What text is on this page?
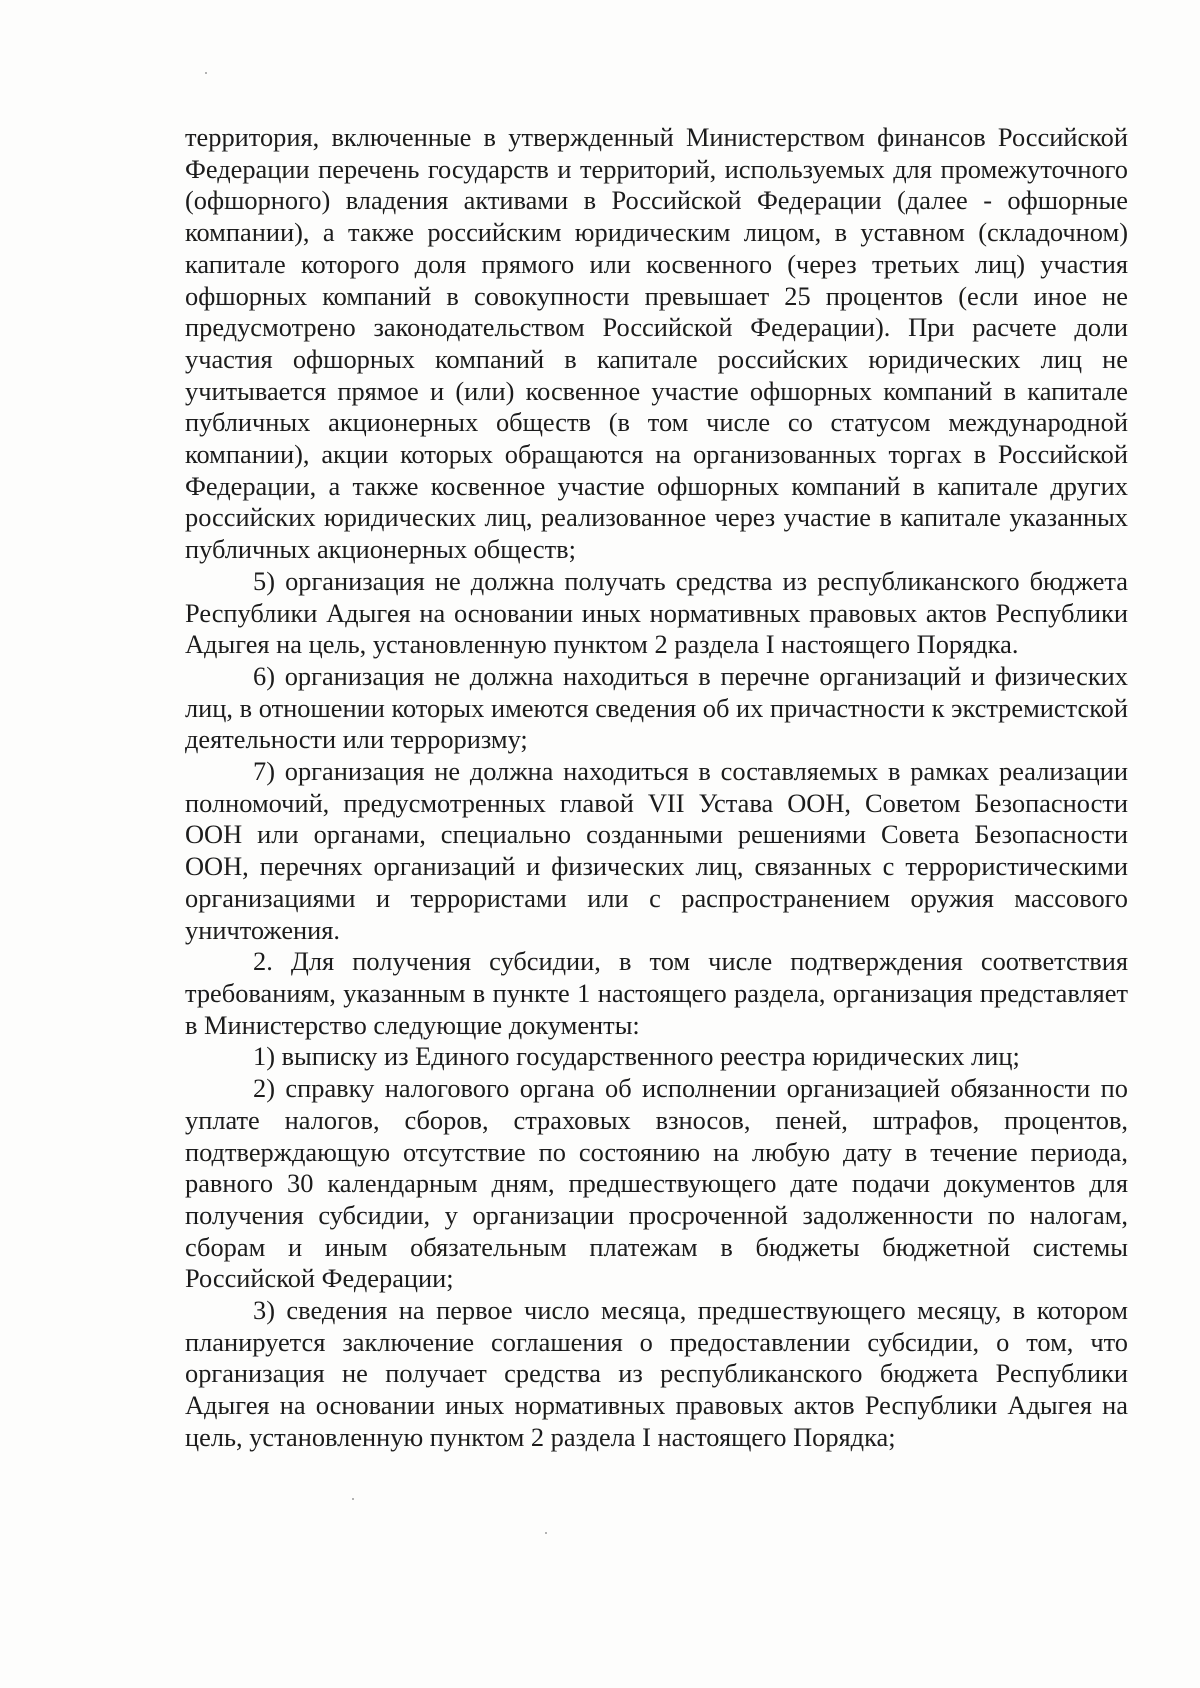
территория, включенные в утвержденный Министерством финансов Российской Федерации перечень государств и территорий, используемых для промежуточного (офшорного) владения активами в Российской Федерации (далее - офшорные компании), а также российским юридическим лицом, в уставном (складочном) капитале которого доля прямого или косвенного (через третьих лиц) участия офшорных компаний в совокупности превышает 25 процентов (если иное не предусмотрено законодательством Российской Федерации). При расчете доли участия офшорных компаний в капитале российских юридических лиц не учитывается прямое и (или) косвенное участие офшорных компаний в капитале публичных акционерных обществ (в том числе со статусом международной компании), акции которых обращаются на организованных торгах в Российской Федерации, а также косвенное участие офшорных компаний в капитале других российских юридических лиц, реализованное через участие в капитале указанных публичных акционерных обществ;

5) организация не должна получать средства из республиканского бюджета Республики Адыгея на основании иных нормативных правовых актов Республики Адыгея на цель, установленную пунктом 2 раздела I настоящего Порядка.

6) организация не должна находиться в перечне организаций и физических лиц, в отношении которых имеются сведения об их причастности к экстремистской деятельности или терроризму;

7) организация не должна находиться в составляемых в рамках реализации полномочий, предусмотренных главой VII Устава ООН, Советом Безопасности ООН или органами, специально созданными решениями Совета Безопасности ООН, перечнях организаций и физических лиц, связанных с террористическими организациями и террористами или с распространением оружия массового уничтожения.

2. Для получения субсидии, в том числе подтверждения соответствия требованиям, указанным в пункте 1 настоящего раздела, организация представляет в Министерство следующие документы:

1) выписку из Единого государственного реестра юридических лиц;

2) справку налогового органа об исполнении организацией обязанности по уплате налогов, сборов, страховых взносов, пеней, штрафов, процентов, подтверждающую отсутствие по состоянию на любую дату в течение периода, равного 30 календарным дням, предшествующего дате подачи документов для получения субсидии, у организации просроченной задолженности по налогам, сборам и иным обязательным платежам в бюджеты бюджетной системы Российской Федерации;

3) сведения на первое число месяца, предшествующего месяцу, в котором планируется заключение соглашения о предоставлении субсидии, о том, что организация не получает средства из республиканского бюджета Республики Адыгея на основании иных нормативных правовых актов Республики Адыгея на цель, установленную пунктом 2 раздела I настоящего Порядка;
